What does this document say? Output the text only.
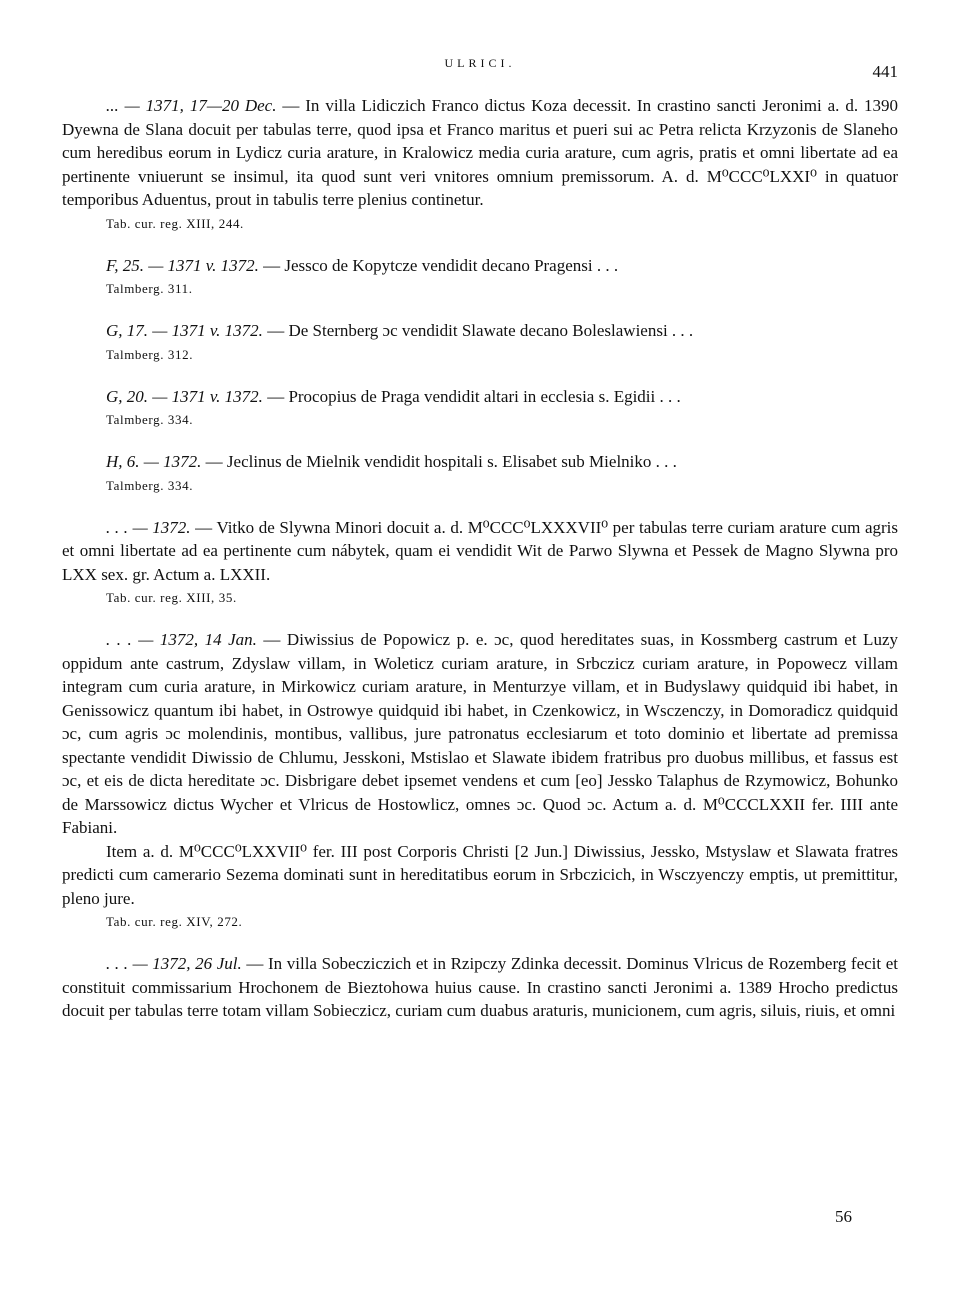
ULRICI.	441

... — 1371, 17—20 Dec. — In villa Lidiczich Franco dictus Koza decessit. In crastino sancti Jeronimi a. d. 1390 Dyewna de Slana docuit per tabulas terre, quod ipsa et Franco maritus et pueri sui ac Petra relicta Krzyzonis de Slaneho cum heredibus eorum in Lydicz curia arature, in Kralowicz media curia arature, cum agris, pratis et omni libertate ad ea pertinente vniuerunt se insimul, ita quod sunt veri vnitores omnium premissorum. A. d. M⁰CCC⁰LXXI⁰ in quatuor temporibus Aduentus, prout in tabulis terre plenius continetur.

Tab. cur. reg. XIII, 244.
F, 25. — 1371 v. 1372. — Jessco de Kopytcze vendidit decano Pragensi . . .
Talmberg. 311.
G, 17. — 1371 v. 1372. — De Sternberg ɔc vendidit Slawate decano Boleslawiensi . . .
Talmberg. 312.
G, 20. — 1371 v. 1372. — Procopius de Praga vendidit altari in ecclesia s. Egidii . . .
Talmberg. 334.
H, 6. — 1372. — Jeclinus de Mielnik vendidit hospitali s. Elisabet sub Mielniko . . .
Talmberg. 334.

. . . — 1372. — Vitko de Slywna Minori docuit a. d. M⁰CCC⁰LXXXVII⁰ per tabulas terre curiam arature cum agris et omni libertate ad ea pertinente cum nábytek, quam ei vendidit Wit de Parwo Slywna et Pessek de Magno Slywna pro LXX sex. gr. Actum a. LXXII.

Tab. cur. reg. XIII, 35.

. . . — 1372, 14 Jan. — Diwissius de Popowicz p. e. ɔc, quod hereditates suas, in Kossmberg castrum et Luzy oppidum ante castrum, Zdyslaw villam, in Woleticz curiam arature, in Srbczicz curiam arature, in Popowecz villam integram cum curia arature, in Mirkowicz curiam arature, in Menturzye villam, et in Budyslawy quidquid ibi habet, in Genissowicz quantum ibi habet, in Ostrowye quidquid ibi habet, in Czenkowicz, in Wsczenczy, in Domoradicz quidquid ɔc, cum agris ɔc molendinis, montibus, vallibus, jure patronatus ecclesiarum et toto dominio et libertate ad premissa spectante vendidit Diwissio de Chlumu, Jesskoni, Mstislao et Slawate ibidem fratribus pro duobus millibus, et fassus est ɔc, et eis de dicta hereditate ɔc. Disbrigare debet ipsemet vendens et cum [eo] Jessko Talaphus de Rzymowicz, Bohunko de Marssowicz dictus Wycher et Vlricus de Hostowlicz, omnes ɔc. Quod ɔc. Actum a. d. M⁰CCCLXXII fer. IIII ante Fabiani.

Item a. d. M⁰CCC⁰LXXVII⁰ fer. III post Corporis Christi [2 Jun.] Diwissius, Jessko, Mstyslaw et Slawata fratres predicti cum camerario Sezema dominati sunt in hereditatibus eorum in Srbczicich, in Wsczyenczy emptis, ut premittitur, pleno jure.

Tab. cur. reg. XIV, 272.

. . . — 1372, 26 Jul. — In villa Sobecziczich et in Rzipczy Zdinka decessit. Dominus Vlricus de Rozemberg fecit et constituit commissarium Hrochonem de Bieztohowa huius cause. In crastino sancti Jeronimi a. 1389 Hrocho predictus docuit per tabulas terre totam villam Sobieczicz, curiam cum duabus araturis, municionem, cum agris, siluis, riuis, et omni

56
